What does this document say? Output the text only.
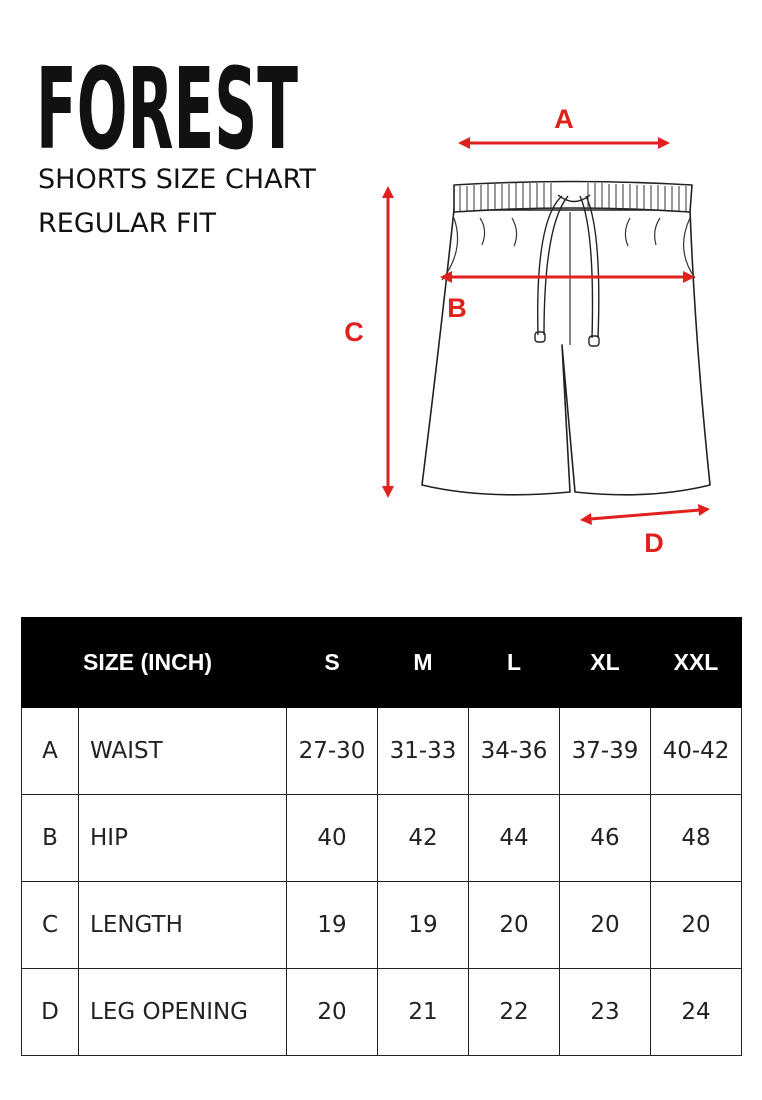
FOREST
SHORTS SIZE CHART
REGULAR FIT
A
B
C
D
SIZE (INCH)		S	M	L	XL	XXL
A	WAIST	27-30	31-33	34-36	37-39	40-42
B	HIP	40	42	44	46	48
C	LENGTH	19	19	20	20	20
D	LEG OPENING	20	21	22	23	24
